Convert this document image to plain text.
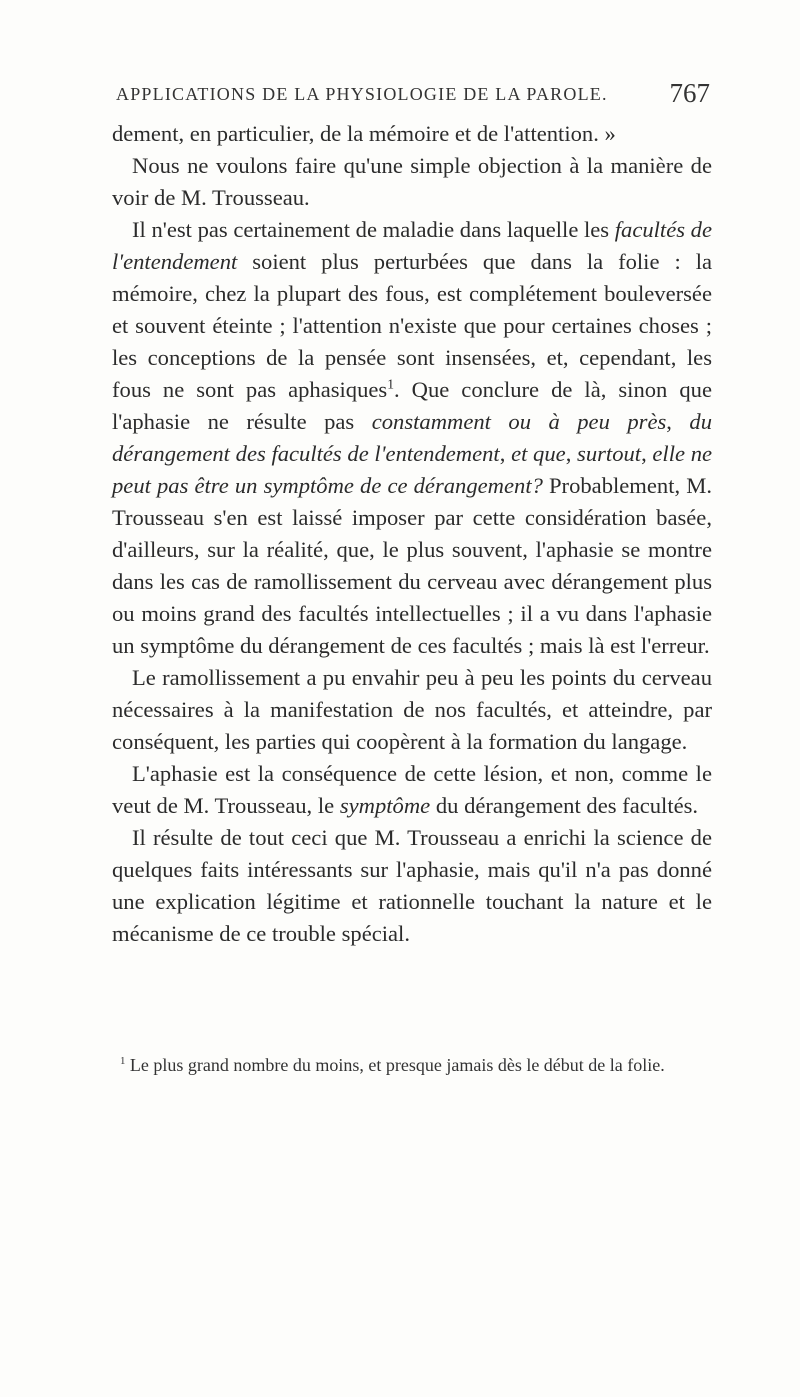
APPLICATIONS DE LA PHYSIOLOGIE DE LA PAROLE. 767

dement, en particulier, de la mémoire et de l'attention. »

Nous ne voulons faire qu'une simple objection à la manière de voir de M. Trousseau.

Il n'est pas certainement de maladie dans laquelle les facultés de l'entendement soient plus perturbées que dans la folie : la mémoire, chez la plupart des fous, est complétement bouleversée et souvent éteinte ; l'attention n'existe que pour certaines choses ; les conceptions de la pensée sont insensées, et, cependant, les fous ne sont pas aphasiques$^1$. Que conclure de là, sinon que l'aphasie ne résulte pas constamment ou à peu près, du dérangement des facultés de l'entendement, et que, surtout, elle ne peut pas être un symptôme de ce dérangement? Probablement, M. Trousseau s'en est laissé imposer par cette considération basée, d'ailleurs, sur la réalité, que, le plus souvent, l'aphasie se montre dans les cas de ramollissement du cerveau avec dérangement plus ou moins grand des facultés intellectuelles ; il a vu dans l'aphasie un symptôme du dérangement de ces facultés ; mais là est l'erreur.

Le ramollissement a pu envahir peu à peu les points du cerveau nécessaires à la manifestation de nos facultés, et atteindre, par conséquent, les parties qui coopèrent à la formation du langage.

L'aphasie est la conséquence de cette lésion, et non, comme le veut de M. Trousseau, le symptôme du dérangement des facultés.

Il résulte de tout ceci que M. Trousseau a enrichi la science de quelques faits intéressants sur l'aphasie, mais qu'il n'a pas donné une explication légitime et rationnelle touchant la nature et le mécanisme de ce trouble spécial.

$^1$ Le plus grand nombre du moins, et presque jamais dès le début de la folie.
